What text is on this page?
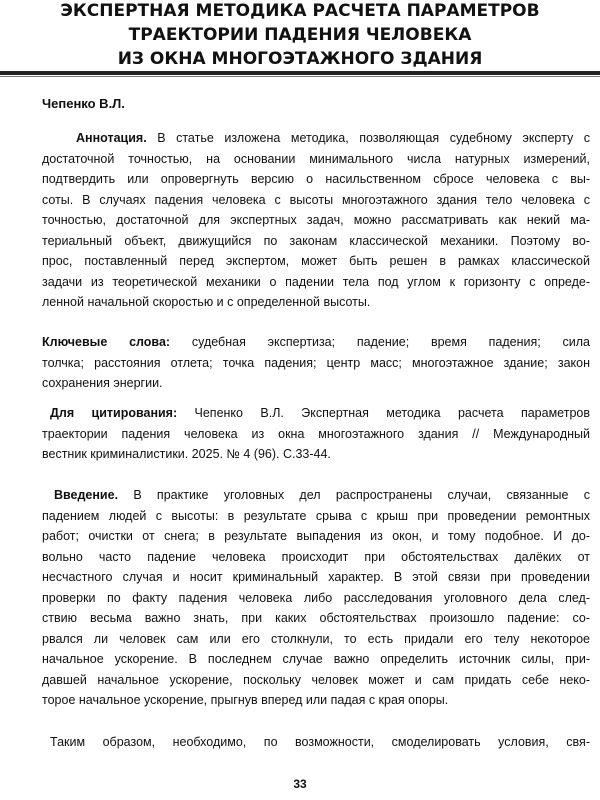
ЭКСПЕРТНАЯ МЕТОДИКА РАСЧЕТА ПАРАМЕТРОВ
ТРАЕКТОРИИ ПАДЕНИЯ ЧЕЛОВЕКА
ИЗ ОКНА МНОГОЭТАЖНОГО ЗДАНИЯ
Чепенко В.Л.
Аннотация. В статье изложена методика, позволяющая судебному эксперту с
достаточной точностью, на основании минимального числа натурных измерений,
подтвердить или опровергнуть версию о насильственном сбросе человека с вы-
соты. В случаях падения человека с высоты многоэтажного здания тело человека с
точностью, достаточной для экспертных задач, можно рассматривать как некий ма-
териальный объект, движущийся по законам классической механики. Поэтому во-
прос, поставленный перед экспертом, может быть решен в рамках классической
задачи из теоретической механики о падении тела под углом к горизонту с опреде-
ленной начальной скоростью и с определенной высоты.
Ключевые слова: судебная экспертиза; падение; время падения; сила
толчка; расстояния отлета; точка падения; центр масс; многоэтажное здание; закон
сохранения энергии.
Для цитирования: Чепенко В.Л. Экспертная методика расчета параметров
траектории падения человека из окна многоэтажного здания // Международный
вестник криминалистики. 2025. № 4 (96). С.33-44.
Введение. В практике уголовных дел распространены случаи, связанные с
падением людей с высоты: в результате срыва с крыш при проведении ремонтных
работ; очистки от снега; в результате выпадения из окон, и тому подобное. И до-
вольно часто падение человека происходит при обстоятельствах далёких от
несчастного случая и носит криминальный характер. В этой связи при проведении
проверки по факту падения человека либо расследования уголовного дела след-
ствию весьма важно знать, при каких обстоятельствах произошло падение: со-
рвался ли человек сам или его столкнули, то есть придали его телу некоторое
начальное ускорение. В последнем случае важно определить источник силы, при-
давшей начальное ускорение, поскольку человек может и сам придать себе неко-
торое начальное ускорение, прыгнув вперед или падая с края опоры.
Таким образом, необходимо, по возможности, смоделировать условия, свя-
33
